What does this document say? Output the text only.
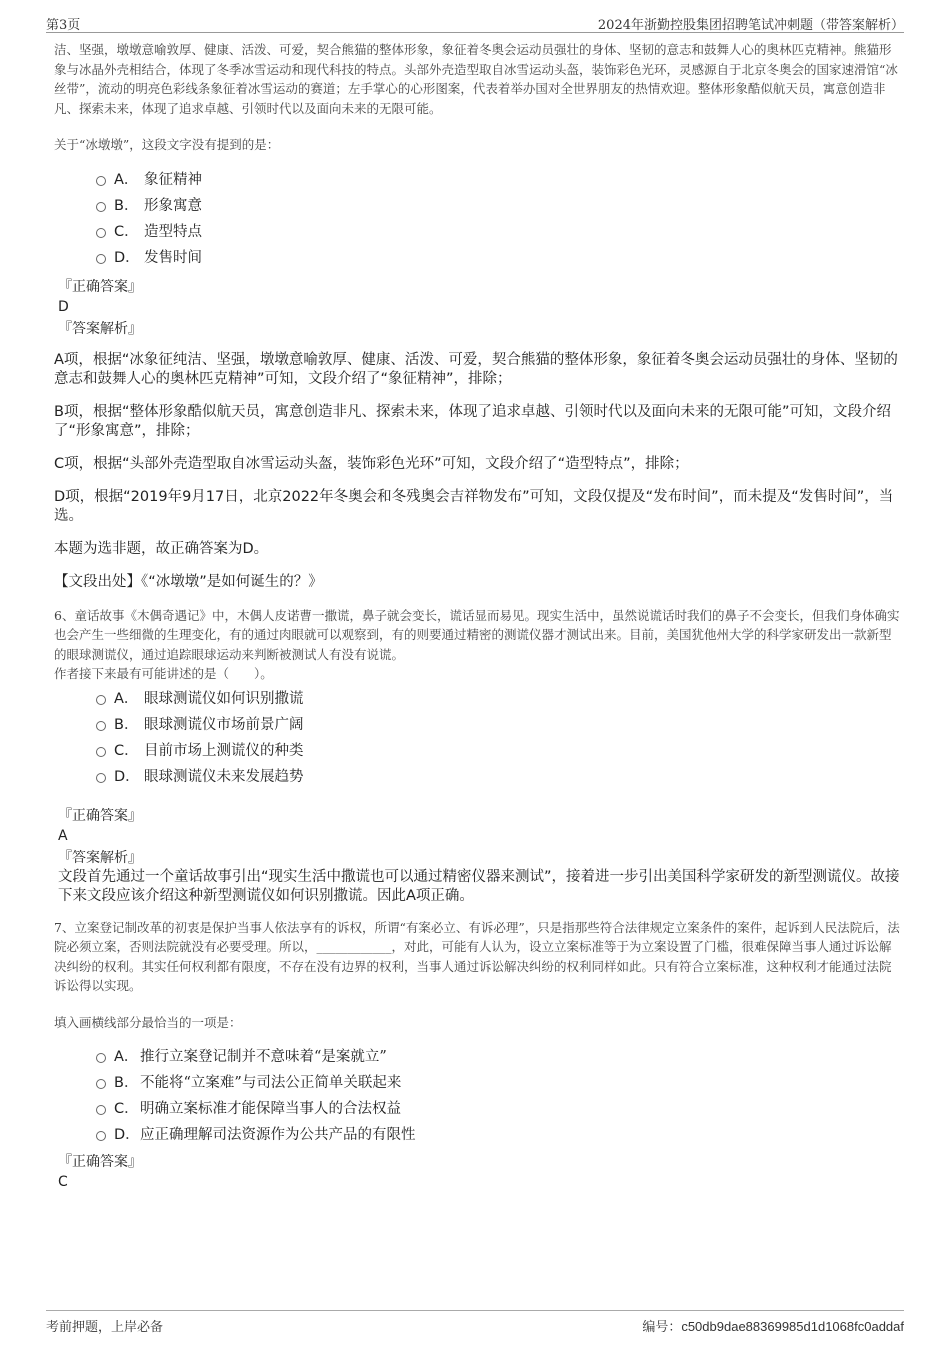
第3页	2024年浙勤控股集团招聘笔试冲刺题（带答案解析）

洁、坚强，墩墩意喻敦厚、健康、活泼、可爱，契合熊猫的整体形象，象征着冬奥会运动员强壮的身体、坚韧的意志和鼓舞人心的奥林匹克精神。熊猫形象与冰晶外壳相结合，体现了冬季冰雪运动和现代科技的特点。头部外壳造型取自冰雪运动头盔，装饰彩色光环，灵感源自于北京冬奥会的国家速滑馆“冰丝带”，流动的明亮色彩线条象征着冰雪运动的赛道；左手掌心的心形图案，代表着举办国对全世界朋友的热情欢迎。整体形象酷似航天员，寓意创造非凡、探索未来，体现了追求卓越、引领时代以及面向未来的无限可能。

关于“冰墩墩”，这段文字没有提到的是：

A． 象征精神
B． 形象寓意
C． 造型特点
D． 发售时间

『正确答案』

D

『答案解析』

A项，根据“冰象征纯洁、坚强，墩墩意喻敦厚、健康、活泼、可爱，契合熊猫的整体形象，象征着冬奥会运动员强壮的身体、坚韧的意志和鼓舞人心的奥林匹克精神”可知，文段介绍了“象征精神”，排除；

B项，根据“整体形象酷似航天员，寓意创造非凡、探索未来，体现了追求卓越、引领时代以及面向未来的无限可能”可知，文段介绍了“形象寓意”，排除；

C项，根据“头部外壳造型取自冰雪运动头盔，装饰彩色光环”可知，文段介绍了“造型特点”，排除；

D项，根据“2019年9月17日，北京2022年冬奥会和冬残奥会吉祥物发布”可知，文段仅提及“发布时间”，而未提及“发售时间”，当选。

本题为选非题，故正确答案为D。

【文段出处】《“冰墩墩”是如何诞生的？》

6、童话故事《木偶奇遇记》中，木偶人皮诺曹一撒谎，鼻子就会变长，谎话显而易见。现实生活中，虽然说谎话时我们的鼻子不会变长，但我们身体确实也会产生一些细微的生理变化，有的通过肉眼就可以观察到，有的则要通过精密的测谎仪器才测试出来。目前，美国犹他州大学的科学家研发出一款新型的眼球测谎仪，通过追踪眼球运动来判断被测试人有没有说谎。

作者接下来最有可能讲述的是（　　）。

A． 眼球测谎仪如何识别撒谎
B． 眼球测谎仪市场前景广阔
C． 目前市场上测谎仪的种类
D． 眼球测谎仪未来发展趋势

『正确答案』

A

『答案解析』

文段首先通过一个童话故事引出“现实生活中撒谎也可以通过精密仪器来测试”，接着进一步引出美国科学家研发的新型测谎仪。故接下来文段应该介绍这种新型测谎仪如何识别撒谎。因此A项正确。

7、立案登记制改革的初衷是保护当事人依法享有的诉权，所谓“有案必立、有诉必理”，只是指那些符合法律规定立案条件的案件，起诉到人民法院后，法院必须立案，否则法院就没有必要受理。所以，____________，对此，可能有人认为，设立立案标准等于为立案设置了门槛，很难保障当事人通过诉讼解决纠纷的权利。其实任何权利都有限度，不存在没有边界的权利，当事人通过诉讼解决纠纷的权利同样如此。只有符合立案标准，这种权利才能通过法院诉讼得以实现。

填入画横线部分最恰当的一项是：

A． 推行立案登记制并不意味着“是案就立”
B． 不能将“立案难”与司法公正简单关联起来
C．明确立案标准才能保障当事人的合法权益
D．应正确理解司法资源作为公共产品的有限性

『正确答案』

C

考前押题，上岸必备	编号：c50db9dae88369985d1d1068fc0addaf
